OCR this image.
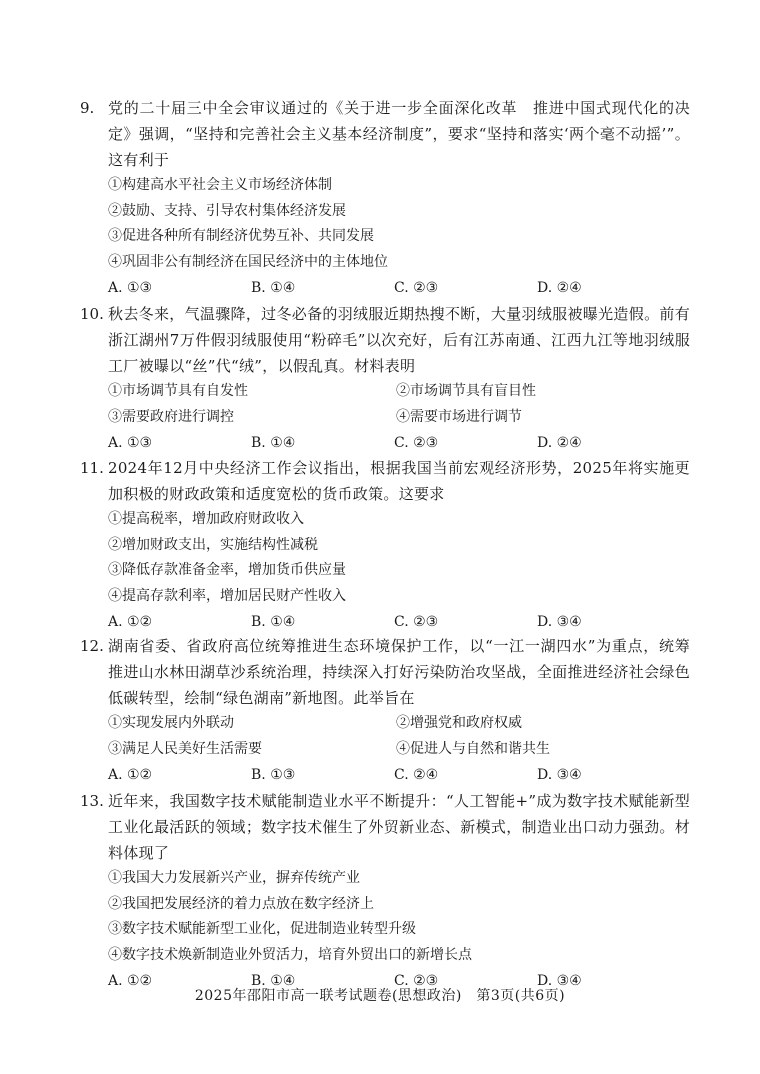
9. 党的二十届三中全会审议通过的《关于进一步全面深化改革　推进中国式现代化的决定》强调，“坚持和完善社会主义基本经济制度”，要求“坚持和落实‘两个毫不动摇’”。这有利于
①构建高水平社会主义市场经济体制
②鼓励、支持、引导农村集体经济发展
③促进各种所有制经济优势互补、共同发展
④巩固非公有制经济在国民经济中的主体地位
A. ①③	B. ①④	C. ②③	D. ②④
10. 秋去冬来，气温骤降，过冬必备的羽绒服近期热搜不断，大量羽绒服被曝光造假。前有浙江湖州7万件假羽绒服使用“粉碎毛”以次充好，后有江苏南通、江西九江等地羽绒服工厂被曝以“丝”代“绒”，以假乱真。材料表明
①市场调节具有自发性	②市场调节具有盲目性
③需要政府进行调控	④需要市场进行调节
A. ①③	B. ①④	C. ②③	D. ②④
11. 2024年12月中央经济工作会议指出，根据我国当前宏观经济形势，2025年将实施更加积极的财政政策和适度宽松的货币政策。这要求
①提高税率，增加政府财政收入
②增加财政支出，实施结构性减税
③降低存款准备金率，增加货币供应量
④提高存款利率，增加居民财产性收入
A. ①②	B. ①④	C. ②③	D. ③④
12. 湖南省委、省政府高位统筹推进生态环境保护工作，以“一江一湖四水”为重点，统筹推进山水林田湖草沙系统治理，持续深入打好污染防治攻坚战，全面推进经济社会绿色低碳转型，绘制“绿色湖南”新地图。此举旨在
①实现发展内外联动	②增强党和政府权威
③满足人民美好生活需要	④促进人与自然和谐共生
A. ①②	B. ①③	C. ②④	D. ③④
13. 近年来，我国数字技术赋能制造业水平不断提升：“人工智能+”成为数字技术赋能新型工业化最活跃的领域；数字技术催生了外贸新业态、新模式，制造业出口动力强劲。材料体现了
①我国大力发展新兴产业，摒弃传统产业
②我国把发展经济的着力点放在数字经济上
③数字技术赋能新型工业化，促进制造业转型升级
④数字技术焕新制造业外贸活力，培育外贸出口的新增长点
A. ①②	B. ①④	C. ②③	D. ③④
2025年邵阳市高一联考试题卷(思想政治)　第3页(共6页)
